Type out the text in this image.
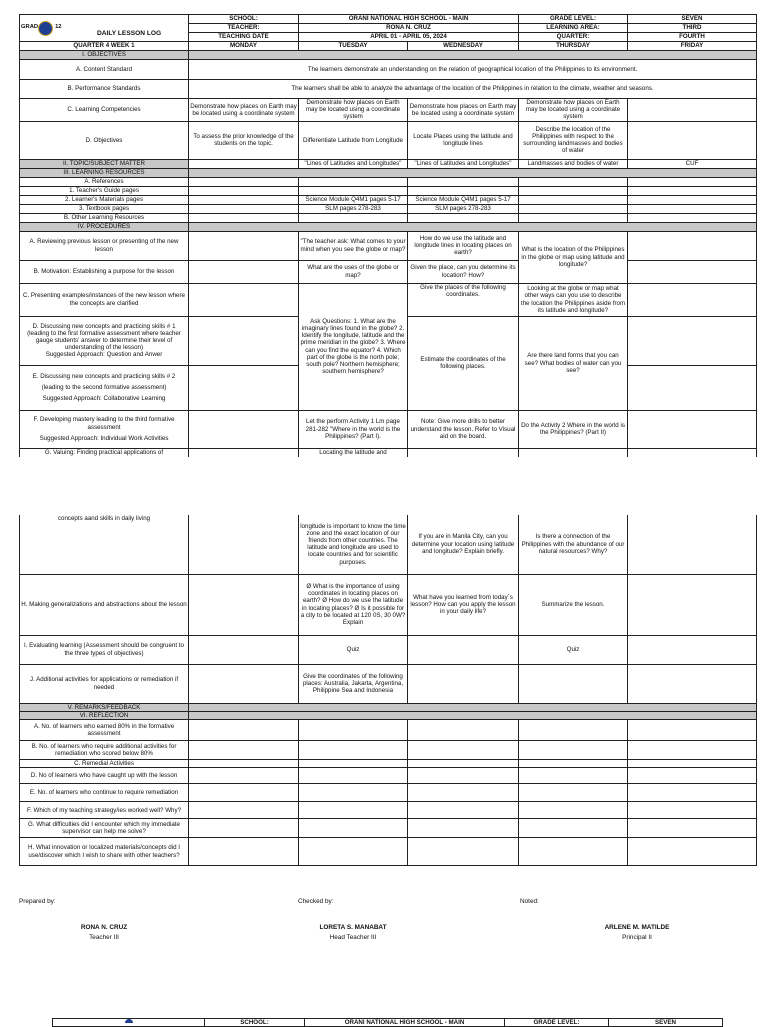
GRAD 12	SCHOOL:	ORANI NATIONAL HIGH SCHOOL - MAIN		GRADE LEVEL:	SEVEN
	TEACHER:	RONA N. CRUZ		LEARNING AREA:	THIRD
	TEACHING DATE	APRIL 01 - APRIL 05, 2024		QUARTER:	FOURTH
QUARTER 4 WEEK 1	MONDAY	TUESDAY	WEDNESDAY	THURSDAY	FRIDAY
I. OBJECTIVES					
A. Content Standard	The learners demonstrate an understanding on the relation of geographical location of the Philippines to its environment.				
B. Performance Standards	The learners shall be able to analyze the advantage of the location of the Philippines in relation to the climate, weather and seasons.				
C. Learning Competencies	Demonstrate how places on Earth may be located using a coordinate system	Demonstrate how places on Earth may be located using a coordinate system	Demonstrate how places on Earth may be located using a coordinate system	Demonstrate how places on Earth may be located using a coordinate system	
D. Objectives	To assess the prior knowledge of the students on the topic.	Differentiate Latitude from Longitude	Locate Places using the latitude and longitude lines	Describe the location of the Philippines with respect to the surrounding landmasses and bodies of water	
II. TOPIC/SUBJECT MATTER		"Lines of Latitudes and Longitudes"	"Lines of Latitudes and Longitudes"	Landmasses and bodies of water	CUF
III. LEARNING RESOURCES					
A. References					
1. Teacher's Guide pages					
2. Learner's Materials pages		Science Module Q4M1 pages 5-17	Science Module Q4M1 pages 5-17		
3. Textbook pages		SLM pages 278-283	SLM pages 278-283		
B. Other Learning Resources					
IV. PROCEDURES					
A. Reviewing previous lesson or presenting of the new lesson		"The teacher ask: What comes to your mind when you see the globe or map?	How do we use the latitude and longitude lines in locating places on earth?	What is the location of the Philippines in the globe or map using latitude and longitude?	
B. Motivation: Establishing a purpose for the lesson		What are the uses of the globe or map?	Given the place, can you determine its location? How?		
C. Presenting examples/instances of the new lesson where the concepts are clarified		Ask Questions: 1. What are the imaginary lines found in the globe? 2. Identify the longitude, latitude and the prime meridian in the globe? 3. Where can you find the equator? 4. Which part of the globe is the north pole; south pole? Northern hemisphere; southern hemisphere?	Give the places of the following coordinates.	Looking at the globe or map what other ways can you use to describe the location the Philippines aside from its latitude and longitude?	

D. Discussing new concepts and practicing skills # 1 (leading to the first formative assessment where teacher gauge students' answer to determine their level of understanding of the lesson)
Suggested Approach: Question and Anwer			Estimate the coordinates of the following places.	Are there land forms that you can see? What bodies of water can you see?	

E. Discussing new concepts and practicing skills # 2
(leading to the second formative assessment)
Suggested Approach: Collaborative Learning					

F. Developing mastery leading to the third formative assessment
Suggested Approach: Individual Work Activities		Let the perform Activity 1 Lm page 281-282 "Where in the world is the Philippines? (Part I).	Note: Give more drills to better understand the lesson. Refer to Visual aid on the board.	Do the Activity 2 Where in the world is the Philippines? (Part II)	
G. Valuing: Finding practical applications of		Locating the latitude and			
concepts aand skills in daily living		longitude is important to know the time zone and the exact location of our friends from other countries. The latitude and longitude are used to locate countries and for scientific purposes.	If you are in Manila City, can you determine your location using latitude and longitude? Explain briefly.	Is there a connection of the Philippines with the abundance of our natural resources? Why?	
H. Making generalizations and abstractions about the lesson		Ø What is the importance of using coordinates in locating places on earth? Ø How do we use the latitude in locating places? Ø Is it possible for a city to be located at 120 0S, 30 0W? Explain	What have you learned from today`s lesson? How can you apply the lesson in your daily life?	Summarize the lesson.	
I. Evaluating learning (Assessment should be congruent to the three types of objectives)		Quiz		Quiz	
J. Additional activities for applications or remediation if needed		Give the coordinates of the following places: Australia, Jakarta, Argentina, Philippine Sea and Indonesia			
V. REMARKS/FEEDBACK					
VI. REFLECTION					
A. No. of learners who earned 80% in the formative assessment					
B. No. of learners who require additional activities for remediation who scored below 80%					
C. Remedial Activities					
D. No of learners who have caught up with the lesson					
E. No. of learners who continue to require remediation					
F. Which of my teaching strategy/ies worked well? Why?					
G. What difficulties did I encounter which my immediate supervisor can help me solve?					
H. What innovation or localized materials/concepts did I use/discover which I wish to share with other teachers?					
Prepared by:	Checked by:	Noted:
RONA N. CRUZ
Teacher III
LORETA S. MANABAT
Head Teacher III
ARLENE M. MATILDE
Principal II
	SCHOOL:	ORANI NATIONAL HIGH SCHOOL - MAIN	GRADE LEVEL:	SEVEN
DAILY LESSON LOG
